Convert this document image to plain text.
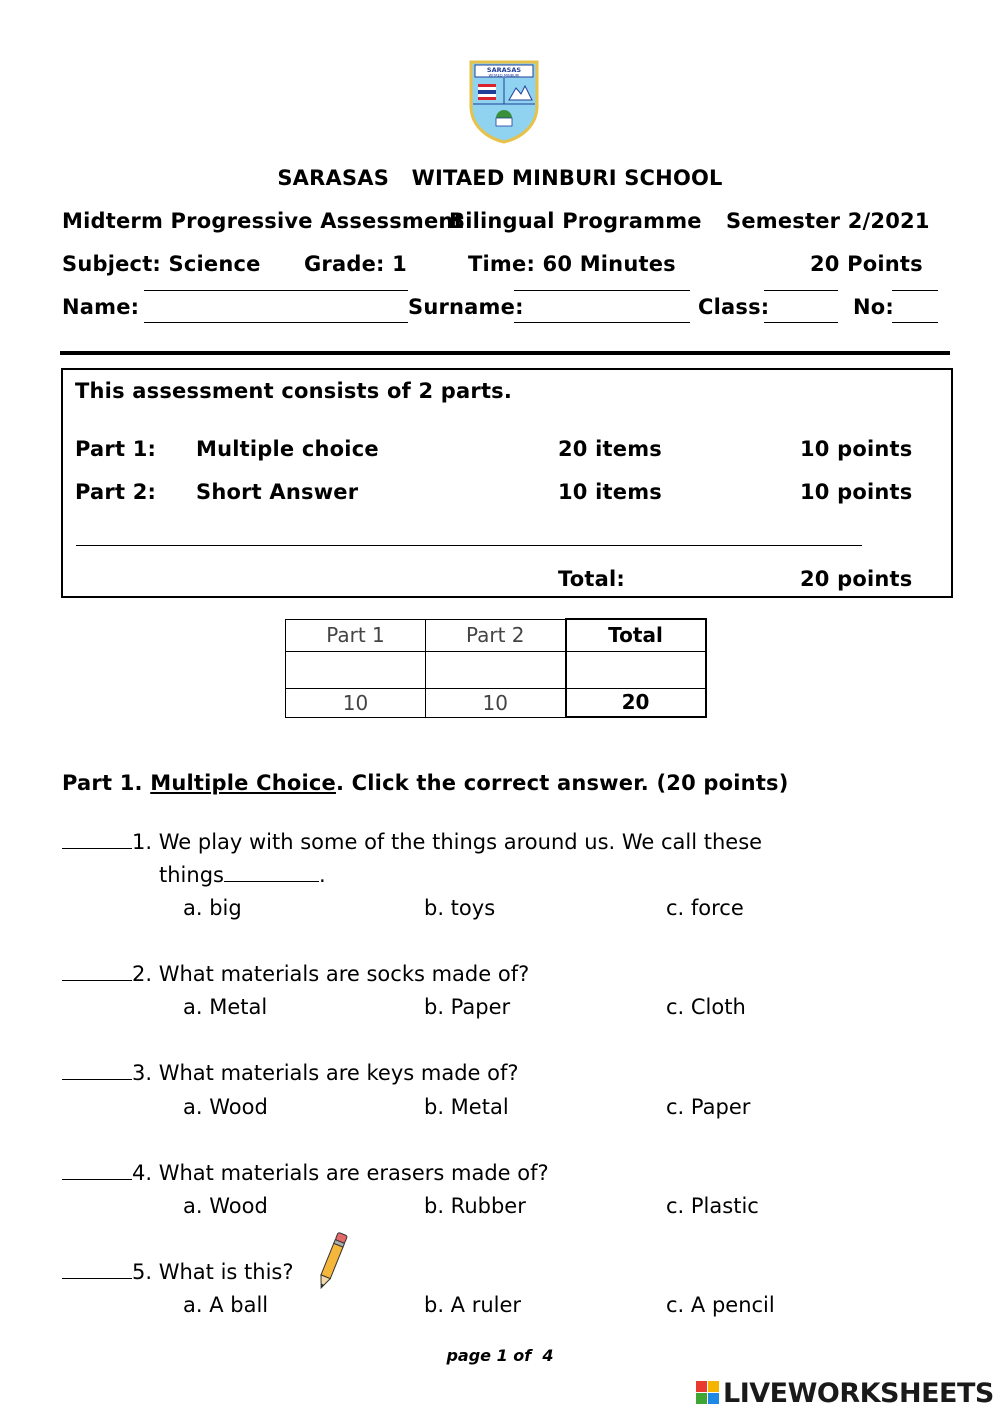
SARASAS
WITAED MINBURI
SARASAS   WITAED MINBURI SCHOOL
Midterm Progressive Assessment
Bilingual Programme Semester 2/2021
Subject: Science Grade: 1	Time: 60 Minutes	20 Points
Name:	Surname:	Class:	No:
This assessment consists of 2 parts.
Part 1: Multiple choice	20 items	10 points
Part 2: Short Answer	10 items	10 points
Total:	20 points
Part 1	Part 2	Total

10	10	20
Part 1. Multiple Choice. Click the correct answer. (20 points)
1. We play with some of the things around us. We call these
things	.
a. big	b. toys	c. force
2. What materials are socks made of?
a. Metal	b. Paper	c. Cloth
3. What materials are keys made of?
a. Wood	b. Metal	c. Paper
4. What materials are erasers made of?
a. Wood	b. Rubber	c. Plastic
5. What is this?
a. A ball	b. A ruler	c. A pencil
page 1 of  4
LIVEWORKSHEETS
